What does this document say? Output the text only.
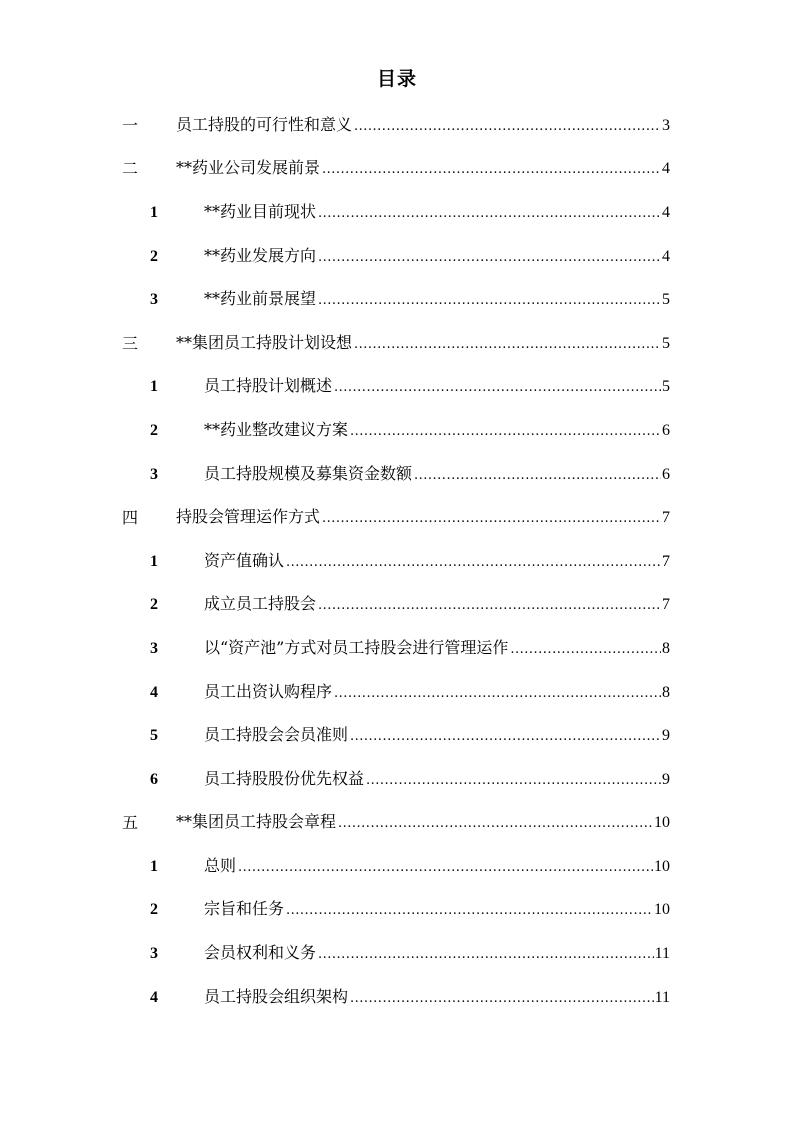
目录
一 员工持股的可行性和意义 .....	3
二 **药业公司发展前景 .....	4
1	**药业目前现状 .....	4
2	**药业发展方向 .....	4
3	**药业前景展望 .....	5
三 **集团员工持股计划设想 .....	5
1	员工持股计划概述 .....	5
2	**药业整改建议方案 .....	6
3	员工持股规模及募集资金数额 .....	6
四 持股会管理运作方式 .....	7
1	资产值确认 .....	7
2	成立员工持股会 .....	7
3	以“资产池”方式对员工持股会进行管理运作 .....	8
4	员工出资认购程序 .....	8
5	员工持股会会员准则 .....	9
6	员工持股股份优先权益 .....	9
五 **集团员工持股会章程 .....	10
1	总则 .....	10
2	宗旨和任务 .....	10
3	会员权利和义务 .....	11
4	员工持股会组织架构 .....	11
